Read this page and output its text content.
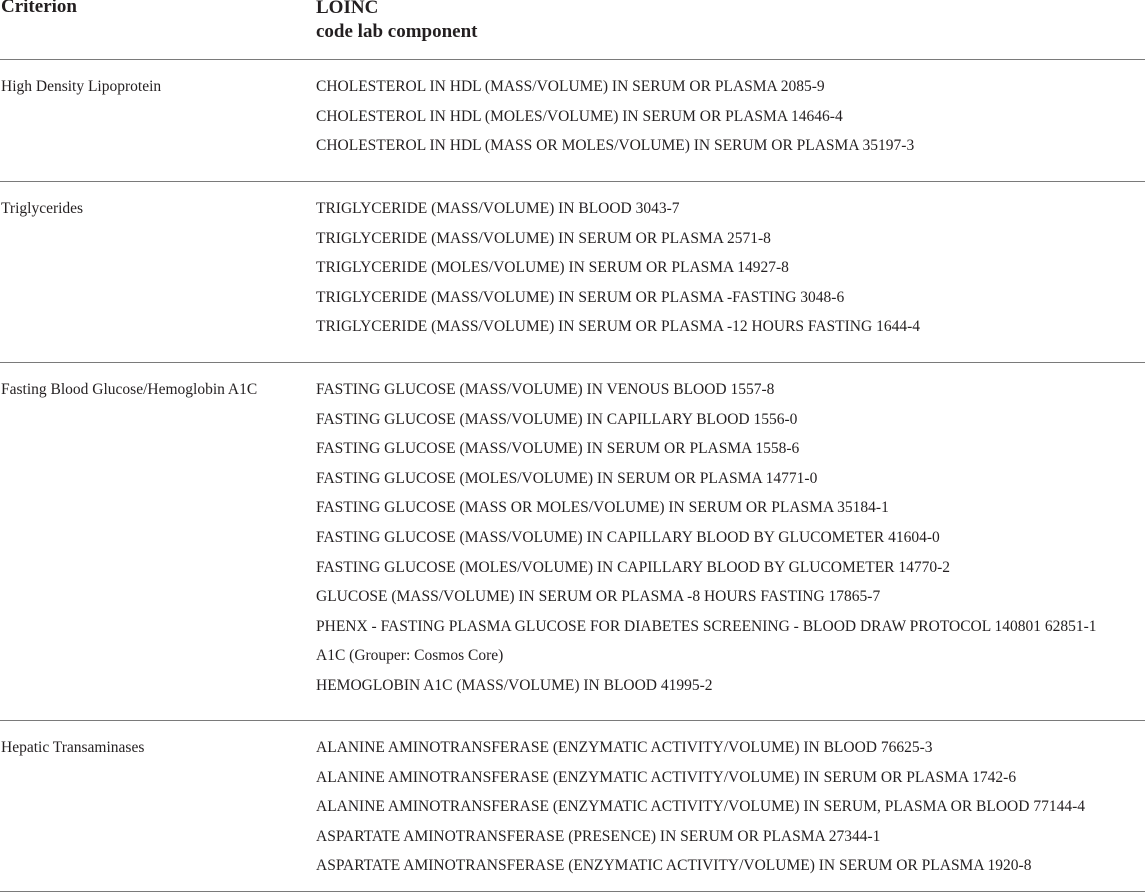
Criterion	LOINC
code lab component
High Density Lipoprotein	CHOLESTEROL IN HDL (MASS/VOLUME) IN SERUM OR PLASMA 2085-9
CHOLESTEROL IN HDL (MOLES/VOLUME) IN SERUM OR PLASMA 14646-4
CHOLESTEROL IN HDL (MASS OR MOLES/VOLUME) IN SERUM OR PLASMA 35197-3
Triglycerides	TRIGLYCERIDE (MASS/VOLUME) IN BLOOD 3043-7
TRIGLYCERIDE (MASS/VOLUME) IN SERUM OR PLASMA 2571-8
TRIGLYCERIDE (MOLES/VOLUME) IN SERUM OR PLASMA 14927-8
TRIGLYCERIDE (MASS/VOLUME) IN SERUM OR PLASMA -FASTING 3048-6
TRIGLYCERIDE (MASS/VOLUME) IN SERUM OR PLASMA -12 HOURS FASTING 1644-4
Fasting Blood Glucose/Hemoglobin A1C	FASTING GLUCOSE (MASS/VOLUME) IN VENOUS BLOOD 1557-8
FASTING GLUCOSE (MASS/VOLUME) IN CAPILLARY BLOOD 1556-0
FASTING GLUCOSE (MASS/VOLUME) IN SERUM OR PLASMA 1558-6
FASTING GLUCOSE (MOLES/VOLUME) IN SERUM OR PLASMA 14771-0
FASTING GLUCOSE (MASS OR MOLES/VOLUME) IN SERUM OR PLASMA 35184-1
FASTING GLUCOSE (MASS/VOLUME) IN CAPILLARY BLOOD BY GLUCOMETER 41604-0
FASTING GLUCOSE (MOLES/VOLUME) IN CAPILLARY BLOOD BY GLUCOMETER 14770-2
GLUCOSE (MASS/VOLUME) IN SERUM OR PLASMA -8 HOURS FASTING 17865-7
PHENX - FASTING PLASMA GLUCOSE FOR DIABETES SCREENING - BLOOD DRAW PROTOCOL 140801 62851-1
A1C (Grouper: Cosmos Core)
HEMOGLOBIN A1C (MASS/VOLUME) IN BLOOD 41995-2
Hepatic Transaminases	ALANINE AMINOTRANSFERASE (ENZYMATIC ACTIVITY/VOLUME) IN BLOOD 76625-3
ALANINE AMINOTRANSFERASE (ENZYMATIC ACTIVITY/VOLUME) IN SERUM OR PLASMA 1742-6
ALANINE AMINOTRANSFERASE (ENZYMATIC ACTIVITY/VOLUME) IN SERUM, PLASMA OR BLOOD 77144-4
ASPARTATE AMINOTRANSFERASE (PRESENCE) IN SERUM OR PLASMA 27344-1
ASPARTATE AMINOTRANSFERASE (ENZYMATIC ACTIVITY/VOLUME) IN SERUM OR PLASMA 1920-8
